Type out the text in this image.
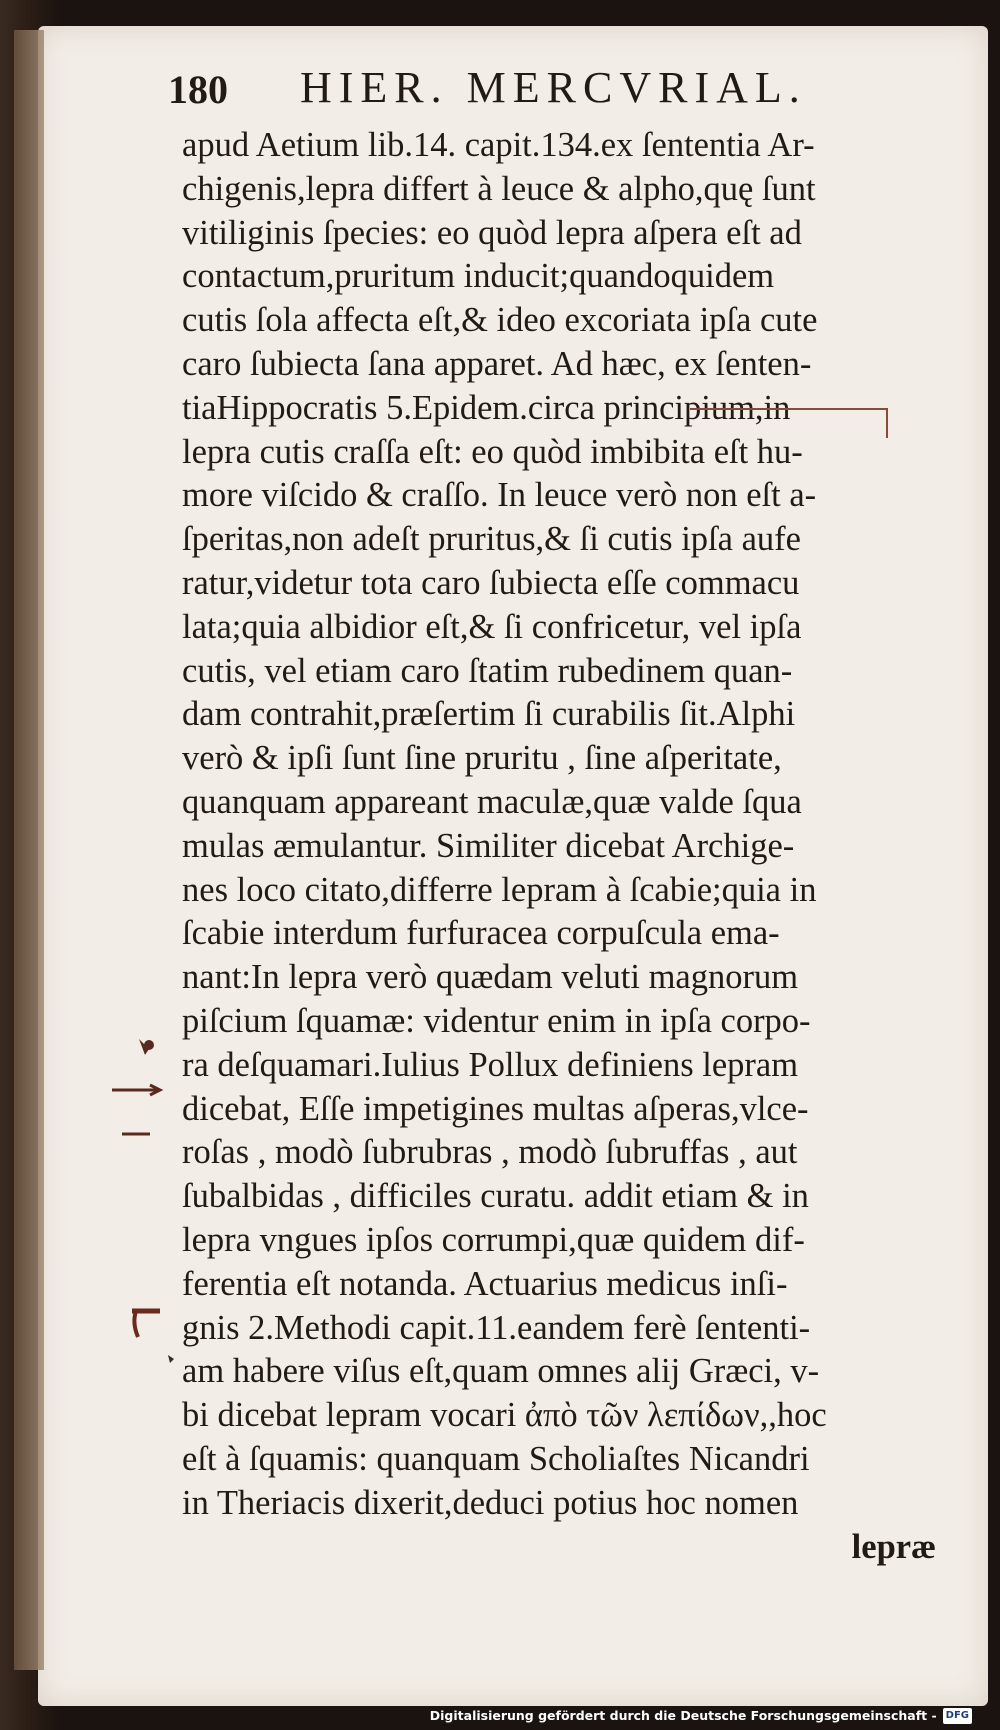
180 HIER. MERCVRIAL.
apud Aetium lib.14. capit.134.ex ſententia Ar-
chigenis,lepra differt à leuce & alpho,quę ſunt
vitiliginis ſpecies: eo quòd lepra aſpera eſt ad
contactum,pruritum inducit;quandoquidem
cutis ſola affecta eſt,& ideo excoriata ipſa cute
caro ſubiecta ſana apparet. Ad hæc, ex ſenten-
tiaHippocratis 5.Epidem.circa principium,in
lepra cutis craſſa eſt: eo quòd imbibita eſt hu-
more viſcido & craſſo. In leuce verò non eſt a-
ſperitas,non adeſt pruritus,& ſi cutis ipſa aufe
ratur,videtur tota caro ſubiecta eſſe commacu
lata;quia albidior eſt,& ſi confricetur, vel ipſa
cutis, vel etiam caro ſtatim rubedinem quan-
dam contrahit,præſertim ſi curabilis ſit.Alphi
verò & ipſi ſunt ſine pruritu , ſine aſperitate,
quanquam appareant maculæ,quæ valde ſqua
mulas æmulantur. Similiter dicebat Archige-
nes loco citato,differre lepram à ſcabie;quia in
ſcabie interdum furfuracea corpuſcula ema-
nant:In lepra verò quædam veluti magnorum
piſcium ſquamæ: videntur enim in ipſa corpo-
ra deſquamari.Iulius Pollux definiens lepram
dicebat, Eſſe impetigines multas aſperas,vlce-
roſas , modò ſubrubras , modò ſubruffas , aut
ſubalbidas , difficiles curatu. addit etiam & in
lepra vngues ipſos corrumpi,quæ quidem dif-
ferentia eſt notanda. Actuarius medicus inſi-
gnis 2.Methodi capit.11.eandem ferè ſententi-
am habere viſus eſt,quam omnes alij Græci, v-
bi dicebat lepram vocari ἀπὸ τῶν λεπίδων,,hoc
eſt à ſquamis: quanquam Scholiaſtes Nicandri
in Theriacis dixerit,deduci potius hoc nomen
lepræ
Digitalisierung gefördert durch die Deutsche Forschungsgemeinschaft - DFG
